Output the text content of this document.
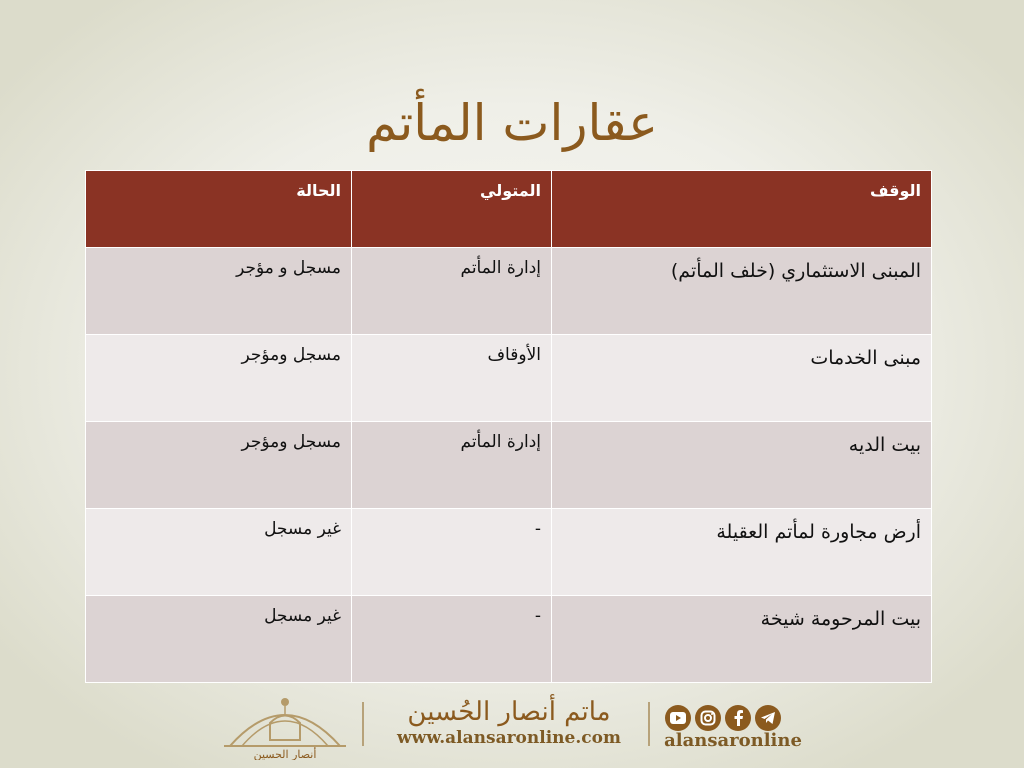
عقارات المأتم
الوقف	المتولي	الحالة
المبنى الاستثماري (خلف المأتم)	إدارة المأتم	مسجل و مؤجر
مبنى الخدمات	الأوقاف	مسجل ومؤجر
بيت الديه	إدارة المأتم	مسجل ومؤجر
أرض مجاورة لمأتم العقيلة	-	غير مسجل
بيت المرحومة شيخة	-	غير مسجل
أنصار الحسين
ماتم أنصار الحُسين
www.alansaronline.com	alansaronline
